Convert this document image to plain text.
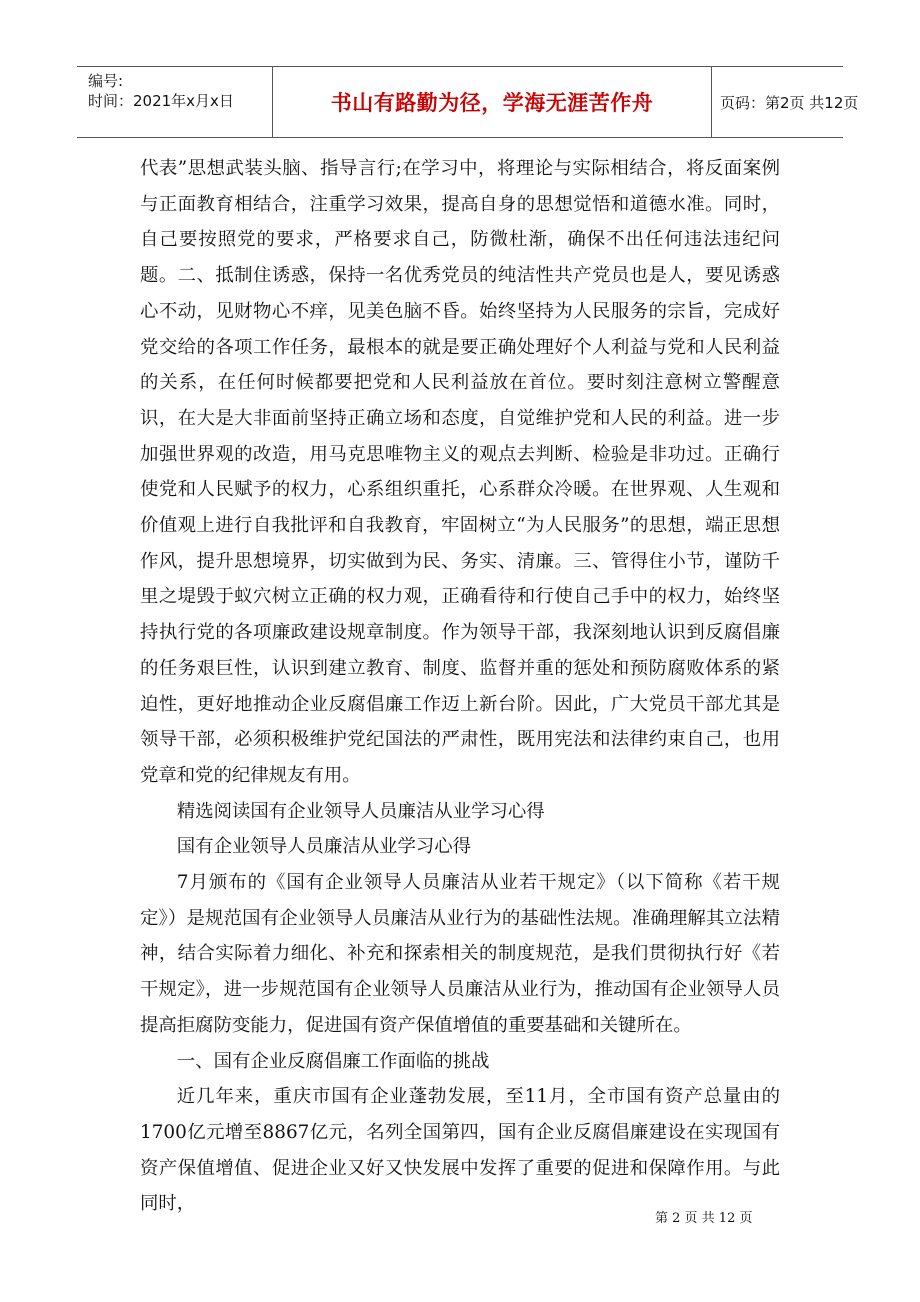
编号:
时间：2021年x月x日	书山有路勤为径，学海无涯苦作舟	页码：第2页 共12页

代表”思想武装头脑、指导言行;在学习中，将理论与实际相结合，将反面案例与正面教育相结合，注重学习效果，提高自身的思想觉悟和道德水准。同时，自己要按照党的要求，严格要求自己，防微杜渐，确保不出任何违法违纪问题。二、抵制住诱惑，保持一名优秀党员的纯洁性共产党员也是人，要见诱惑心不动，见财物心不痒，见美色脑不昏。始终坚持为人民服务的宗旨，完成好党交给的各项工作任务，最根本的就是要正确处理好个人利益与党和人民利益的关系，在任何时候都要把党和人民利益放在首位。要时刻注意树立警醒意识，在大是大非面前坚持正确立场和态度，自觉维护党和人民的利益。进一步加强世界观的改造，用马克思唯物主义的观点去判断、检验是非功过。正确行使党和人民赋予的权力，心系组织重托，心系群众冷暖。在世界观、人生观和价值观上进行自我批评和自我教育，牢固树立“为人民服务”的思想，端正思想作风，提升思想境界，切实做到为民、务实、清廉。三、管得住小节，谨防千里之堤毁于蚁穴树立正确的权力观，正确看待和行使自己手中的权力，始终坚持执行党的各项廉政建设规章制度。作为领导干部，我深刻地认识到反腐倡廉的任务艰巨性，认识到建立教育、制度、监督并重的惩处和预防腐败体系的紧迫性，更好地推动企业反腐倡廉工作迈上新台阶。因此，广大党员干部尤其是领导干部，必须积极维护党纪国法的严肃性，既用宪法和法律约束自己，也用党章和党的纪律规友有用。

精选阅读国有企业领导人员廉洁从业学习心得

国有企业领导人员廉洁从业学习心得

7月颁布的《国有企业领导人员廉洁从业若干规定》（以下简称《若干规定》）是规范国有企业领导人员廉洁从业行为的基础性法规。准确理解其立法精神，结合实际着力细化、补充和探索相关的制度规范，是我们贯彻执行好《若干规定》，进一步规范国有企业领导人员廉洁从业行为，推动国有企业领导人员提高拒腐防变能力，促进国有资产保值增值的重要基础和关键所在。

一、国有企业反腐倡廉工作面临的挑战

近几年来，重庆市国有企业蓬勃发展，至11月，全市国有资产总量由的1700亿元增至8867亿元，名列全国第四，国有企业反腐倡廉建设在实现国有资产保值增值、促进企业又好又快发展中发挥了重要的促进和保障作用。与此同时，

第 2 页 共 12 页
